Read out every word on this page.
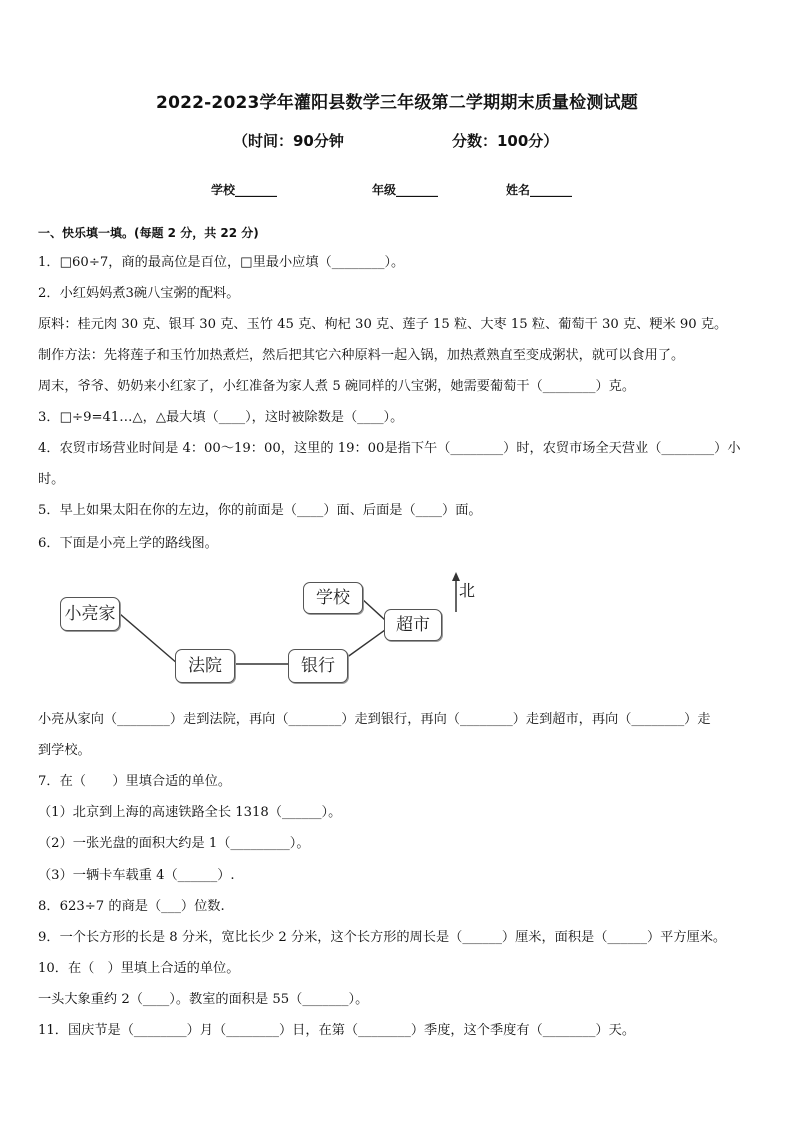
2022-2023学年灌阳县数学三年级第二学期期末质量检测试题
（时间：90分钟	分数：100分）
学校_______	年级_______	姓名_______
一、快乐填一填。(每题 2 分，共 22 分)
1．□60÷7，商的最高位是百位，□里最小应填（________）。
2．小红妈妈煮3碗八宝粥的配料。
原料：桂元肉 30 克、银耳 30 克、玉竹 45 克、枸杞 30 克、莲子 15 粒、大枣 15 粒、葡萄干 30 克、粳米 90 克。
制作方法：先将莲子和玉竹加热煮烂，然后把其它六种原料一起入锅，加热煮熟直至变成粥状，就可以食用了。
周末，爷爷、奶奶来小红家了，小红准备为家人煮 5 碗同样的八宝粥，她需要葡萄干（________）克。
3．□÷9=41…△，△最大填（____），这时被除数是（____）。
4．农贸市场营业时间是 4：00～19：00，这里的 19：00是指下午（________）时，农贸市场全天营业（________）小
时。
5．早上如果太阳在你的左边，你的前面是（____）面、后面是（____）面。
6．下面是小亮上学的路线图。
小亮家
法院	银行
学校
超市
北
小亮从家向（________）走到法院，再向（________）走到银行，再向（________）走到超市，再向（________）走
到学校。
7．在（　　）里填合适的单位。
（1）北京到上海的高速铁路全长 1318（______）。
（2）一张光盘的面积大约是 1（_________）。
（3）一辆卡车载重 4（______）.
8．623÷7 的商是（___）位数.
9．一个长方形的长是 8 分米，宽比长少 2 分米，这个长方形的周长是（______）厘米，面积是（______）平方厘米。
10．在（　）里填上合适的单位。
一头大象重约 2（____）。教室的面积是 55（_______）。
11．国庆节是（________）月（________）日，在第（________）季度，这个季度有（________）天。
